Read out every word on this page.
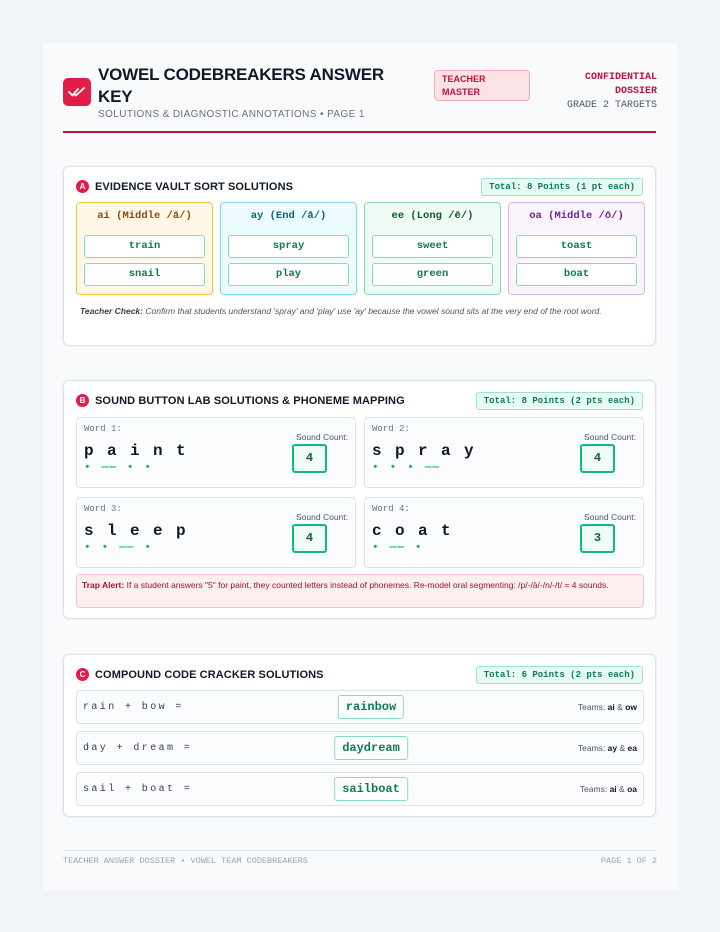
VOWEL CODEBREAKERS ANSWER KEY
SOLUTIONS & DIAGNOSTIC ANNOTATIONS • PAGE 1
TEACHER MASTER
CONFIDENTIAL DOSSIER
GRADE 2 TARGETS
A EVIDENCE VAULT SORT SOLUTIONS	Total: 8 Points (1 pt each)
ai (Middle /ā/)
train
snail
ay (End /ā/)
spray
play
ee (Long /ē/)
sweet
green
oa (Middle /ō/)
toast
boat
Teacher Check: Confirm that students understand 'spray' and 'play' use 'ay' because the vowel sound sits at the very end of the root word.
B SOUND BUTTON LAB SOLUTIONS & PHONEME MAPPING	Total: 8 Points (2 pts each)
Word 1:
p a i n t
• —— • •
Sound Count:
4
Word 2:
s p r a y
• • • ——
Sound Count:
4
Word 3:
s l e e p
• • —— •
Sound Count:
4
Word 4:
c o a t
• —— •
Sound Count:
3
Trap Alert: If a student answers "5" for paint, they counted letters instead of phonemes. Re-model oral segmenting: /p/-/ā/-/n/-/t/ = 4 sounds.
C COMPOUND CODE CRACKER SOLUTIONS	Total: 6 Points (2 pts each)
rain + bow =	rainbow	Teams: ai & ow
day + dream =	daydream	Teams: ay & ea
sail + boat =	sailboat	Teams: ai & oa
TEACHER ANSWER DOSSIER • VOWEL TEAM CODEBREAKERS	PAGE 1 OF 2
